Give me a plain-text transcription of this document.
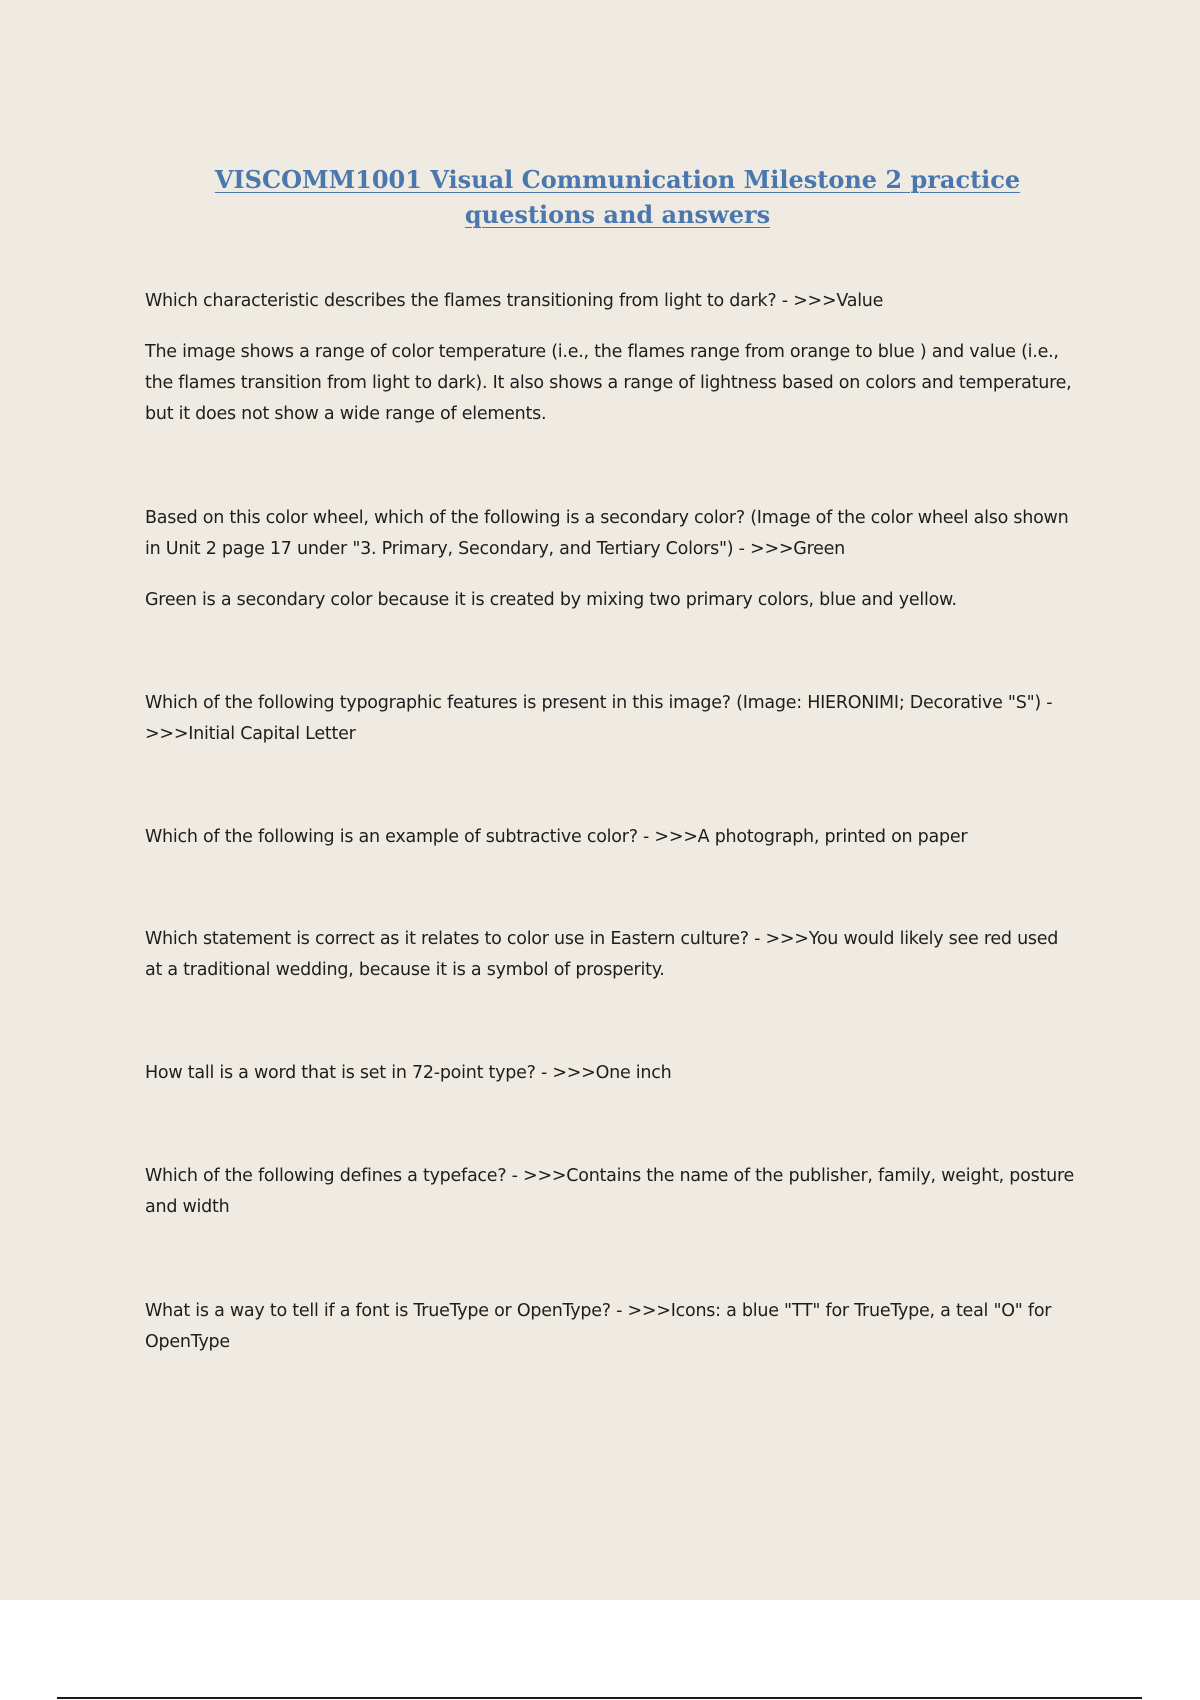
VISCOMM1001 Visual Communication Milestone 2 practice questions and answers

Which characteristic describes the flames transitioning from light to dark? - >>>Value

The image shows a range of color temperature (i.e., the flames range from orange to blue ) and value (i.e., the flames transition from light to dark). It also shows a range of lightness based on colors and temperature, but it does not show a wide range of elements.

Based on this color wheel, which of the following is a secondary color? (Image of the color wheel also shown in Unit 2 page 17 under "3. Primary, Secondary, and Tertiary Colors") - >>>Green

Green is a secondary color because it is created by mixing two primary colors, blue and yellow.

Which of the following typographic features is present in this image? (Image: HIERONIMI; Decorative "S") - >>>Initial Capital Letter

Which of the following is an example of subtractive color? - >>>A photograph, printed on paper

Which statement is correct as it relates to color use in Eastern culture? - >>>You would likely see red used at a traditional wedding, because it is a symbol of prosperity.

How tall is a word that is set in 72-point type? - >>>One inch

Which of the following defines a typeface? - >>>Contains the name of the publisher, family, weight, posture and width

What is a way to tell if a font is TrueType or OpenType? - >>>Icons: a blue "TT" for TrueType, a teal "O" for OpenType
